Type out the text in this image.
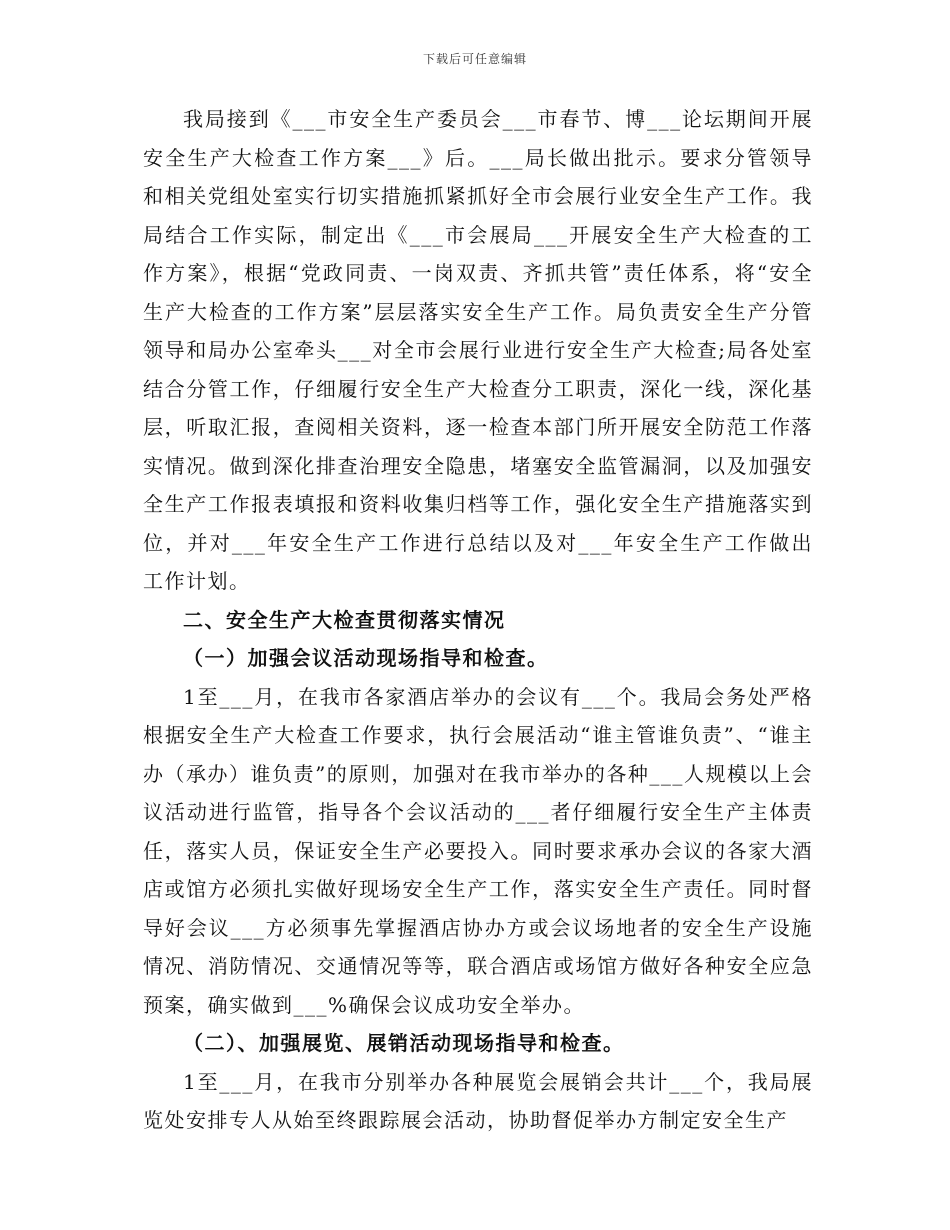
下载后可任意编辑

我局接到《___市安全生产委员会___市春节、博___论坛期间开展安全生产大检查工作方案___》后。___局长做出批示。要求分管领导和相关党组处室实行切实措施抓紧抓好全市会展行业安全生产工作。我局结合工作实际，制定出《___市会展局___开展安全生产大检查的工作方案》，根据“党政同责、一岗双责、齐抓共管”责任体系，将“安全生产大检查的工作方案”层层落实安全生产工作。局负责安全生产分管领导和局办公室牵头___对全市会展行业进行安全生产大检查;局各处室结合分管工作，仔细履行安全生产大检查分工职责，深化一线，深化基层，听取汇报，查阅相关资料，逐一检查本部门所开展安全防范工作落实情况。做到深化排查治理安全隐患，堵塞安全监管漏洞，以及加强安全生产工作报表填报和资料收集归档等工作，强化安全生产措施落实到位，并对___年安全生产工作进行总结以及对___年安全生产工作做出工作计划。

二、安全生产大检查贯彻落实情况

（一）加强会议活动现场指导和检查。

1至___月，在我市各家酒店举办的会议有___个。我局会务处严格根据安全生产大检查工作要求，执行会展活动“谁主管谁负责”、“谁主办（承办）谁负责”的原则，加强对在我市举办的各种___人规模以上会议活动进行监管，指导各个会议活动的___者仔细履行安全生产主体责任，落实人员，保证安全生产必要投入。同时要求承办会议的各家大酒店或馆方必须扎实做好现场安全生产工作，落实安全生产责任。同时督导好会议___方必须事先掌握酒店协办方或会议场地者的安全生产设施情况、消防情况、交通情况等等，联合酒店或场馆方做好各种安全应急预案，确实做到___%确保会议成功安全举办。

（二）、加强展览、展销活动现场指导和检查。

1至___月，在我市分别举办各种展览会展销会共计___个，我局展览处安排专人从始至终跟踪展会活动，协助督促举办方制定安全生产
